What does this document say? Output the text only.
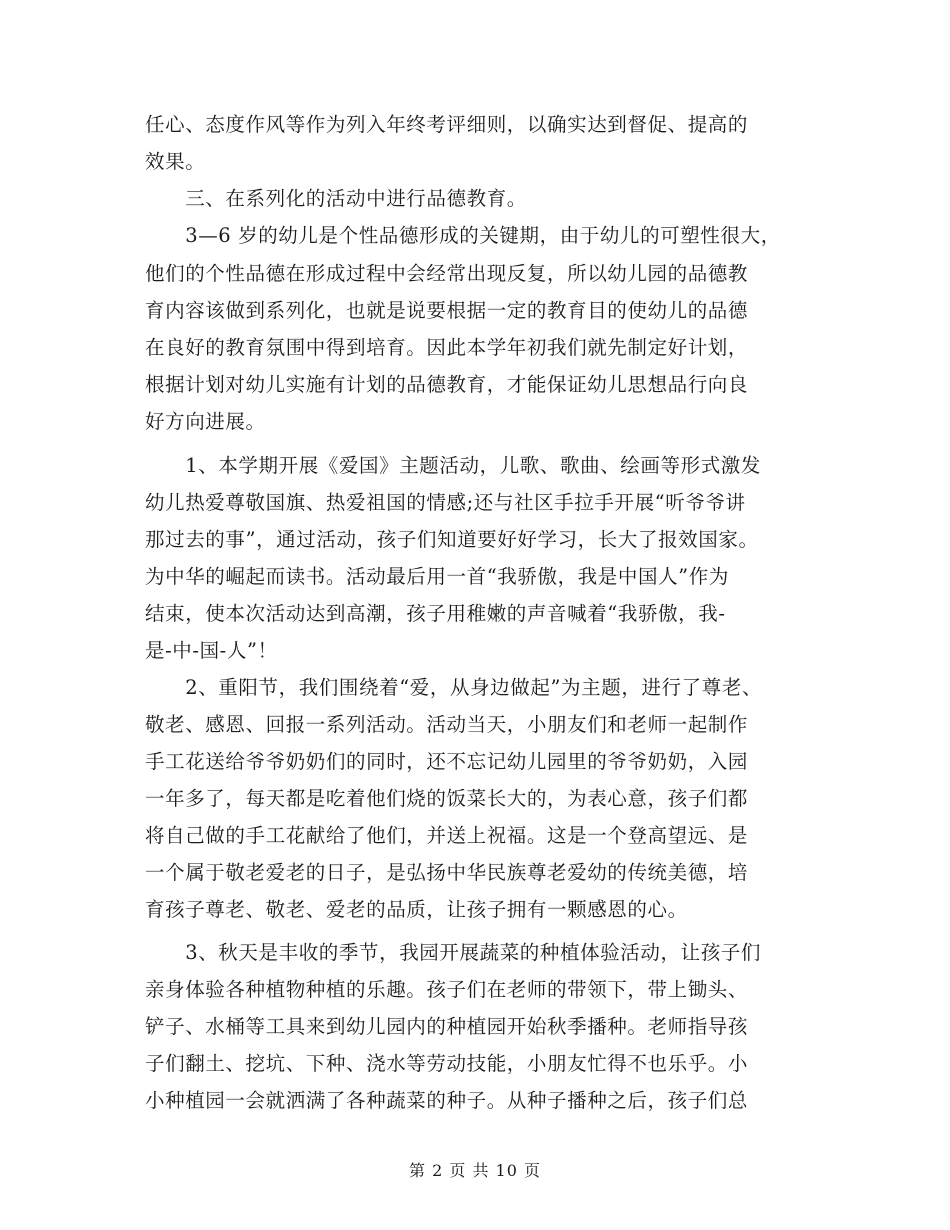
任心、态度作风等作为列入年终考评细则，以确实达到督促、提高的
效果。
　　三、在系列化的活动中进行品德教育。
　　3—6 岁的幼儿是个性品德形成的关键期，由于幼儿的可塑性很大，
他们的个性品德在形成过程中会经常出现反复，所以幼儿园的品德教
育内容该做到系列化，也就是说要根据一定的教育目的使幼儿的品德
在良好的教育氛围中得到培育。因此本学年初我们就先制定好计划，
根据计划对幼儿实施有计划的品德教育，才能保证幼儿思想品行向良
好方向进展。
　　1、本学期开展《爱国》主题活动，儿歌、歌曲、绘画等形式激发
幼儿热爱尊敬国旗、热爱祖国的情感;还与社区手拉手开展“听爷爷讲
那过去的事”，通过活动，孩子们知道要好好学习，长大了报效国家。
为中华的崛起而读书。活动最后用一首“我骄傲，我是中国人”作为
结束，使本次活动达到高潮，孩子用稚嫩的声音喊着“我骄傲，我-
是-中-国-人”！
　　2、重阳节，我们围绕着“爱，从身边做起”为主题，进行了尊老、
敬老、感恩、回报一系列活动。活动当天，小朋友们和老师一起制作
手工花送给爷爷奶奶们的同时，还不忘记幼儿园里的爷爷奶奶，入园
一年多了，每天都是吃着他们烧的饭菜长大的，为表心意，孩子们都
将自己做的手工花献给了他们，并送上祝福。这是一个登高望远、是
一个属于敬老爱老的日子，是弘扬中华民族尊老爱幼的传统美德，培
育孩子尊老、敬老、爱老的品质，让孩子拥有一颗感恩的心。
　　3、秋天是丰收的季节，我园开展蔬菜的种植体验活动，让孩子们
亲身体验各种植物种植的乐趣。孩子们在老师的带领下，带上锄头、
铲子、水桶等工具来到幼儿园内的种植园开始秋季播种。老师指导孩
子们翻土、挖坑、下种、浇水等劳动技能，小朋友忙得不也乐乎。小
小种植园一会就洒满了各种蔬菜的种子。从种子播种之后，孩子们总
第 2 页 共 10 页
